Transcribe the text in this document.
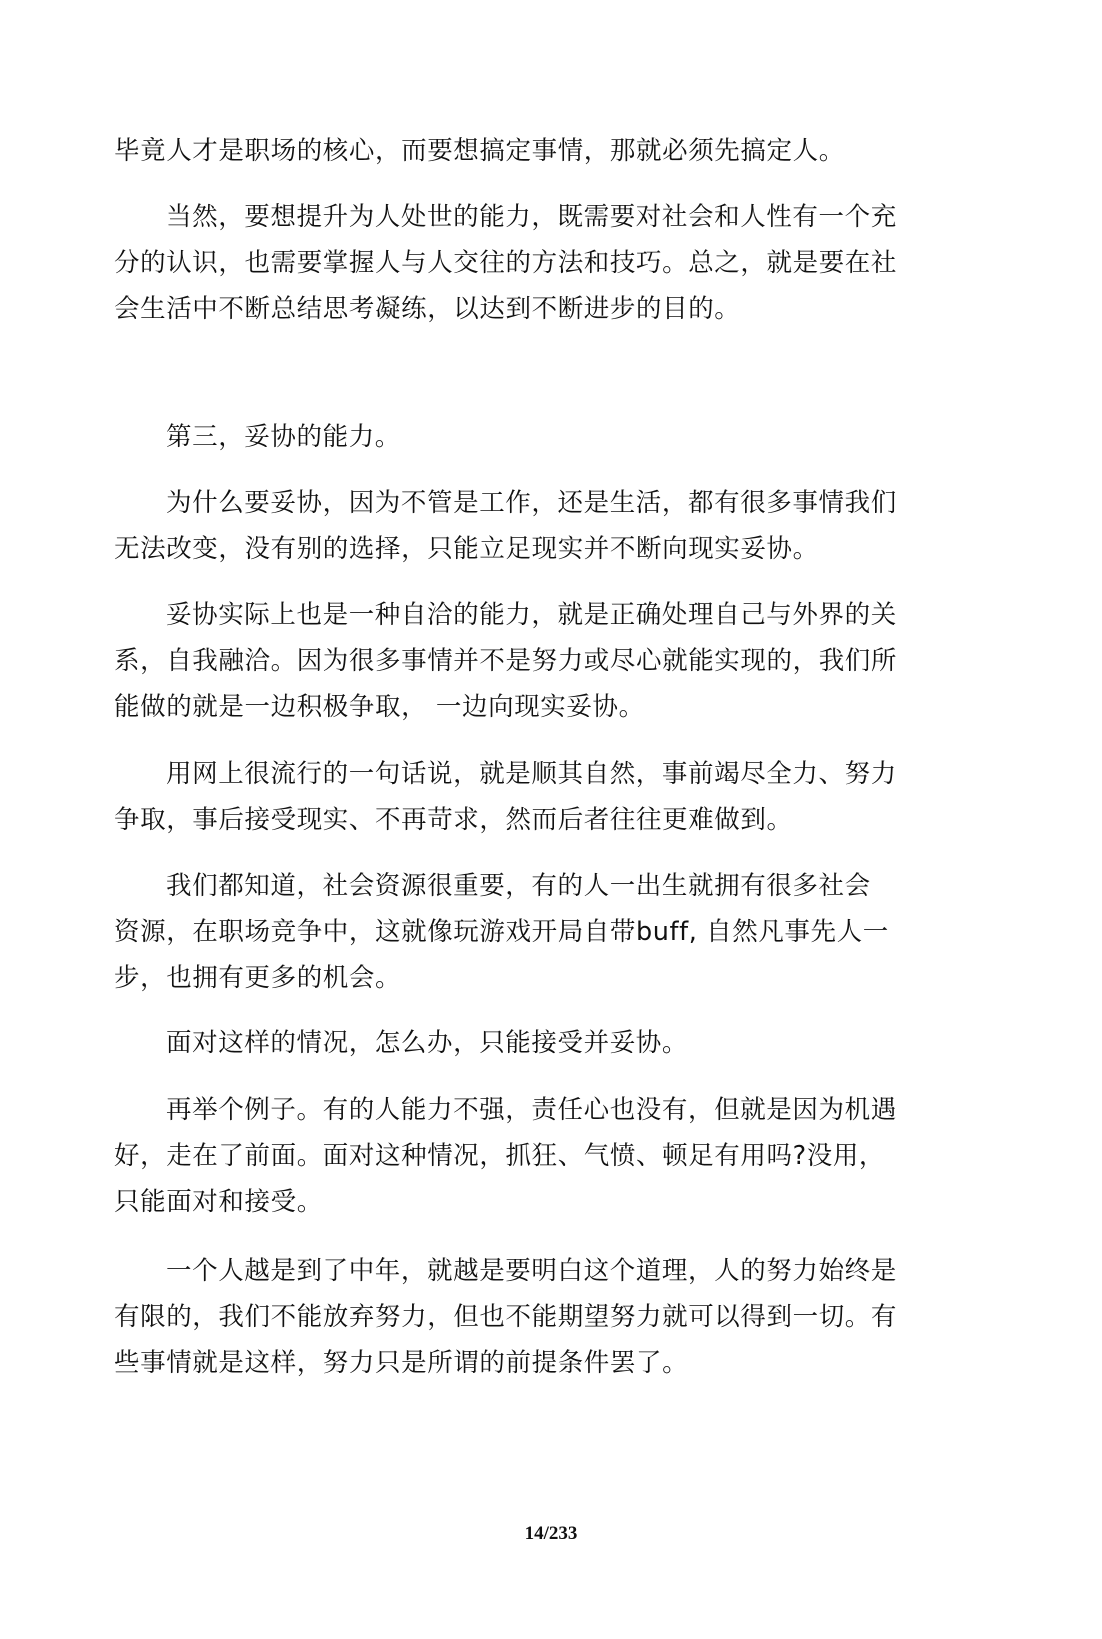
毕竟人才是职场的核心，而要想搞定事情，那就必须先搞定人。
当然，要想提升为人处世的能力，既需要对社会和人性有一个充
分的认识，也需要掌握人与人交往的方法和技巧。总之，就是要在社
会生活中不断总结思考凝练，以达到不断进步的目的。
第三，妥协的能力。
为什么要妥协，因为不管是工作，还是生活，都有很多事情我们
无法改变，没有别的选择，只能立足现实并不断向现实妥协。
妥协实际上也是一种自洽的能力，就是正确处理自己与外界的关
系，自我融洽。因为很多事情并不是努力或尽心就能实现的，我们所
能做的就是一边积极争取， 一边向现实妥协。
用网上很流行的一句话说，就是顺其自然，事前竭尽全力、努力
争取，事后接受现实、不再苛求，然而后者往往更难做到。
我们都知道，社会资源很重要，有的人一出生就拥有很多社会
资源，在职场竞争中，这就像玩游戏开局自带buff, 自然凡事先人一
步，也拥有更多的机会。
面对这样的情况，怎么办，只能接受并妥协。
再举个例子。有的人能力不强，责任心也没有，但就是因为机遇
好，走在了前面。面对这种情况，抓狂、气愤、顿足有用吗?没用，
只能面对和接受。
一个人越是到了中年，就越是要明白这个道理，人的努力始终是
有限的，我们不能放弃努力，但也不能期望努力就可以得到一切。有
些事情就是这样，努力只是所谓的前提条件罢了。
14/233
